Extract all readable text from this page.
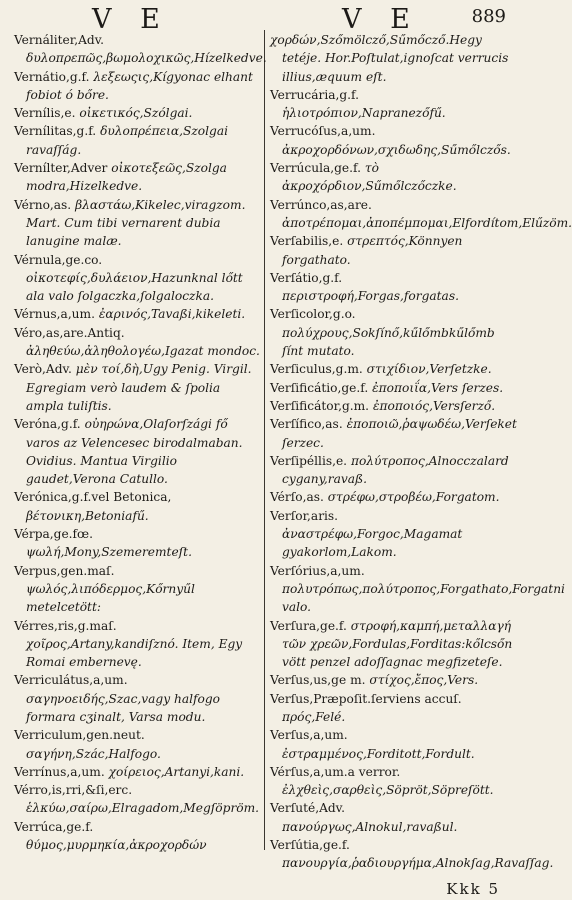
V E	V E	889

Vernáliter,Adv. δυλοπρεπῶς,βωμολοχικῶς,Hízelkedve.

Vernátio,g.f. λεξεωςις,Kígyonac elhant fobiot ó bőre.

Vernílis,e. οἰκετικός,Szólgai.

Vernílitas,g.f. δυλοπρέπεια,Szolgai ravaſſág.

Vernílter,Adver οἰκοτεξεῶς,Szolga modra,Hizelkedve.

Vérno,as. βλαστάω,Kikelec,viragzom. Mart. Cum tibi vernarent dubia lanugine malæ.

Vérnula,ge.co. οἰκοτεφίς,δυλάειον,Hazunknal lőtt ala valo ſolgaczka,ſolgaloczka.

Vérnus,a,um. ἐαρινός,Tavaßi,kikeleti.

Vérο,as,are.Antiq. ἀληθεύω,ἀληθολογέω,Igazat mondoc.

Verò,Adv. μὲν τοί,δὴ,Ugy Penig. Virgil. Egregiam verò laudem & ſpolia ampla tuliſtis.

Veróna,g.f. οὐηρώνα,Olaſorſzági fő varos az Velencesec birodalmaban. Ovidius. Mantua Virgilio gaudet,Verona Catullo.

Verónica,g.f.vel Betonica, βέτονικη,Betoniafű.

Vérpa,ge.fœ. ψωλή,Mony,Szemeremteſt.

Verpus,gen.maſ. ψωλός,λιπόδερμος,Kőrnyűl metelcetött:

Vérres,ris,g.maſ. χοῖρος,Artany,kandiſznó. Item, Egy Romai embernevę.

Verriculátus,a,um. σαγηνοειδής,Szac,vagy halfogo formara cʒinalt, Varsa modu.

Verriculum,gen.neut. σαγήνη,Szác,Halfogo.

Verrínus,a,um. χοίρειος,Artanyi,kani.

Vérro,is,rri,&ſi,erc. ἑλκύω,σαίρω,Elragadom,Megſöpröm.

Verrúca,ge.f. θύμος,μυρμηκία,ἀκροχορδών

χορδών,Szőmölcző,Sűmőcző.Hegy tetéje. Hor.Poſtulat,ignoſcat verrucis illius,æquum eſt.

Verrucária,g.f. ἡλιοτρόπιον,Napranezőfű.

Verrucóſus,a,um. ἀκροχορδόνων,σχιδωδης,Sűmőlczős.

Verrúcula,ge.f. τὸ ἀκροχόρδιον,Sűmőlczőczke.

Verrúnco,as,are. ἀποτρέπομαι,ἀποπέμπομαι,Elfordítom,Elűzöm.

Verſabilis,e. στρεπτός,Könnyen forgathato.

Verſátio,g.f. περιστροφή,Forgas,forgatas.

Verſicolor,g.o. πολύχρους,Sokſínő,kűlőmbkűlőmb ſínt mutato.

Verſiculus,g.m. στιχίδιον,Verſetzke.

Verſificátio,ge.f. ἐποποιΐα,Vers ſerzes.

Verſificátor,g.m. ἐποποιός,Versſerző.

Verſífico,as. ἐποποιῶ,ῥαψωδέω,Verſeket ſerzec.

Verſipéllis,e. πολύτροπος,Alnocczalard cygany,ravaß.

Vérſo,as. στρέφω,στροβέω,Forgatom.

Verſor,aris. ἀναστρέφω,Forgoc,Magamat gyakorlom,Lakom.

Verſórius,a,um. πολυτρόπως,πολύτροπος,Forgathato,Forgatni valo.

Verſura,ge.f. στροφή,καμπή,μεταλλαγή τῶν χρεῶν,Fordulas,Forditas:kőlcsőn vött penzel adoſſagnac megfizeteſe.

Verſus,us,ge m. στίχος,ἔπος,Vers.

Verſus,Præpoſit.ſerviens accuſ. πρός,Felé.

Verſus,a,um. ἐστραμμένος,Forditott,Fordult.

Vérſus,a,um.a verror. ἐλχθεὶς,σαρθεὶς,Söpröt,Söpreſött.

Verſuté,Adv. πανούργως,Alnokul,ravaßul.

Verſútia,ge.f. πανουργία,ῥαδιουργήμα,Alnokſag,Ravaſſag.

Kkk 5
